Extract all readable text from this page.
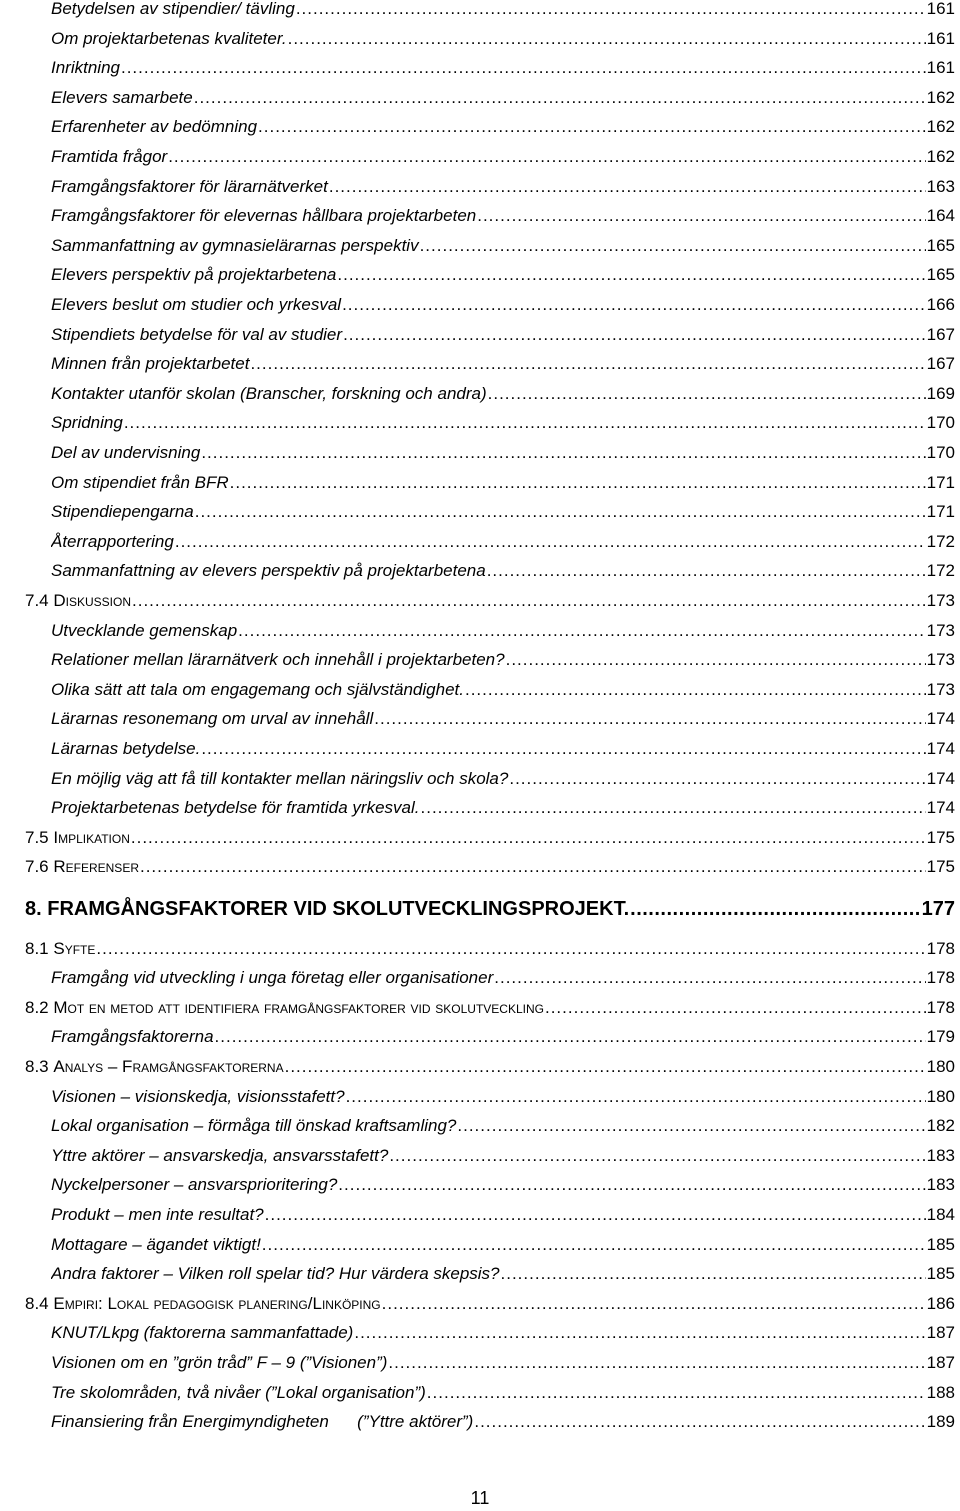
Betydelsen av stipendier/ tävling .....	161
Om projektarbetenas kvaliteter. .....	161
Inriktning .....	161
Elevers samarbete .....	162
Erfarenheter av bedömning .....	162
Framtida frågor .....	162
Framgångsfaktorer för lärarnätverket .....	163
Framgångsfaktorer för elevernas hållbara projektarbeten .....	164
Sammanfattning av gymnasielärarnas perspektiv .....	165
Elevers perspektiv på projektarbetena .....	165
Elevers beslut om studier och yrkesval .....	166
Stipendiets betydelse för val av studier .....	167
Minnen från projektarbetet .....	167
Kontakter utanför skolan (Branscher, forskning och andra) .....	169
Spridning .....	170
Del av undervisning .....	170
Om stipendiet från BFR .....	171
Stipendiepengarna .....	171
Återrapportering .....	172
Sammanfattning av elevers perspektiv på projektarbetena .....	172
7.4 Diskussion .....	173
Utvecklande gemenskap .....	173
Relationer mellan lärarnätverk och innehåll i projektarbeten? .....	173
Olika sätt att tala om engagemang och självständighet. .....	173
Lärarnas resonemang om urval av innehåll .....	174
Lärarnas betydelse. .....	174
En möjlig väg att få till kontakter mellan näringsliv och skola? .....	174
Projektarbetenas betydelse för framtida yrkesval. .....	174
7.5 Implikation .....	175
7.6 Referenser .....	175
8. FRAMGÅNGSFAKTORER VID SKOLUTVECKLINGSPROJEKT. .....	177
8.1 Syfte .....	178
Framgång vid utveckling i unga företag eller organisationer .....	178
8.2 Mot en metod att identifiera framgångsfaktorer vid skolutveckling .....	178
Framgångsfaktorerna .....	179
8.3 Analys – Framgångsfaktorerna .....	180
Visionen – visionskedja, visionsstafett? .....	180
Lokal organisation – förmåga till önskad kraftsamling? .....	182
Yttre aktörer – ansvarskedja, ansvarsstafett? .....	183
Nyckelpersoner – ansvarsprioritering? .....	183
Produkt – men inte resultat? .....	184
Mottagare – ägandet viktigt! .....	185
Andra faktorer – Vilken roll spelar tid? Hur värdera skepsis? .....	185
8.4 Empiri: Lokal pedagogisk planering/Linköping .....	186
KNUT/Lkpg (faktorerna sammanfattade) .....	187
Visionen om en ”grön tråd” F – 9 (”Visionen”) .....	187
Tre skolområden, två nivåer (”Lokal organisation”) .....	188
Finansiering från Energimyndigheten      (”Yttre aktörer”) .....	189
11
